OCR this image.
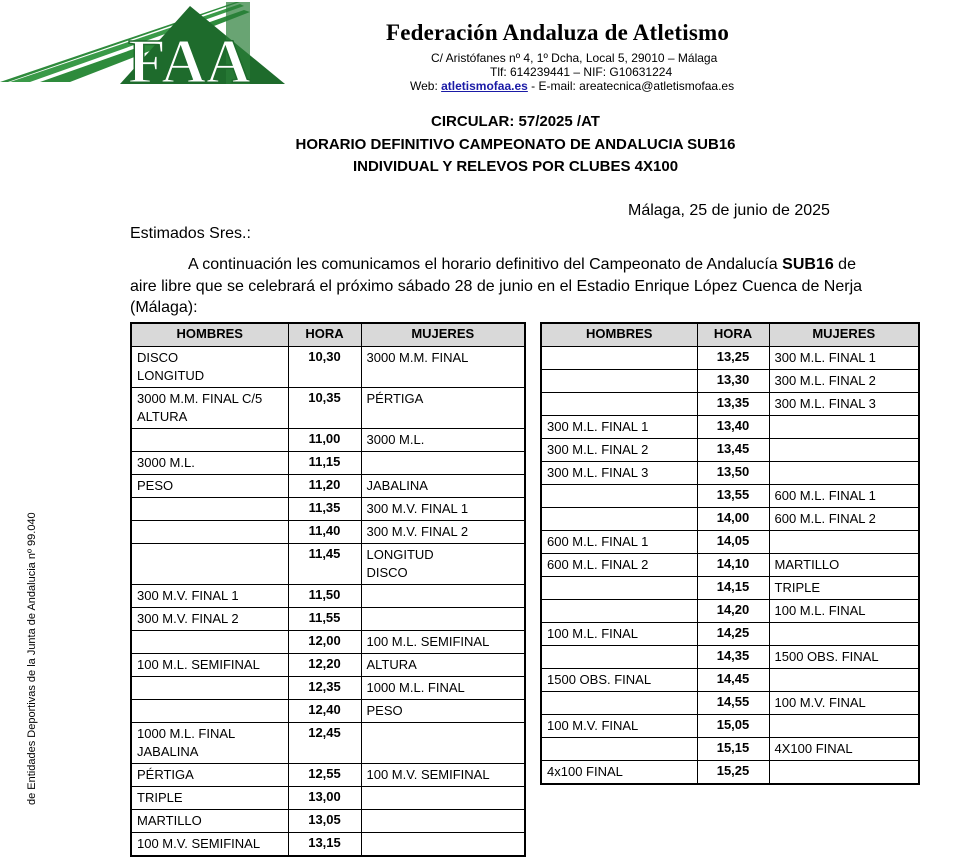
FAA	Federación Andaluza de Atletismo
C/ Aristófanes nº 4, 1º Dcha, Local 5, 29010 – Málaga
Tlf: 614239441 – NIF: G10631224
Web: atletismofaa.es - E-mail: areatecnica@atletismofaa.es
CIRCULAR: 57/2025 /AT
HORARIO DEFINITIVO CAMPEONATO DE ANDALUCIA SUB16
INDIVIDUAL Y RELEVOS POR CLUBES 4X100
Málaga, 25 de junio de 2025
Estimados Sres.:
A continuación les comunicamos el horario definitivo del Campeonato de Andalucía SUB16 de
aire libre que se celebrará el próximo sábado 28 de junio en el Estadio Enrique López Cuenca de Nerja
(Málaga):
de Entidades Deportivas de la Junta de Andalucia nº 99.040
HOMBRES	HORA	MUJERES

DISCO
LONGITUD	10,30	3000 M.M. FINAL

3000 M.M. FINAL C/5
ALTURA	10,35	PÉRTIGA

	11,00	3000 M.L.

3000 M.L.	11,15	

PESO	11,20	JABALINA

	11,35	300 M.V. FINAL 1

	11,40	300 M.V. FINAL 2

	11,45	LONGITUD
DISCO

300 M.V. FINAL 1	11,50	

300 M.V. FINAL 2	11,55	
	12,00	100 M.L. SEMIFINAL

100 M.L. SEMIFINAL	12,20	ALTURA

	12,35	1000 M.L. FINAL

	12,40	PESO

1000 M.L. FINAL
JABALINA	12,45	

PÉRTIGA	12,55	100 M.V. SEMIFINAL

TRIPLE	13,00	

MARTILLO	13,05	

100 M.V. SEMIFINAL	13,15	
HOMBRES	HORA	MUJERES
	13,25	300 M.L. FINAL 1

	13,30	300 M.L. FINAL 2

	13,35	300 M.L. FINAL 3

300 M.L. FINAL 1	13,40	

300 M.L. FINAL 2	13,45	

300 M.L. FINAL 3	13,50	
	13,55	600 M.L. FINAL 1

	14,00	600 M.L. FINAL 2

600 M.L. FINAL 1	14,05	

600 M.L. FINAL 2	14,10	MARTILLO

	14,15	TRIPLE

	14,20	100 M.L. FINAL

100 M.L. FINAL	14,25	
	14,35	1500 OBS. FINAL

1500 OBS. FINAL	14,45	
	14,55	100 M.V. FINAL

100 M.V. FINAL	15,05	
	15,15	4X100 FINAL

4x100 FINAL	15,25	
